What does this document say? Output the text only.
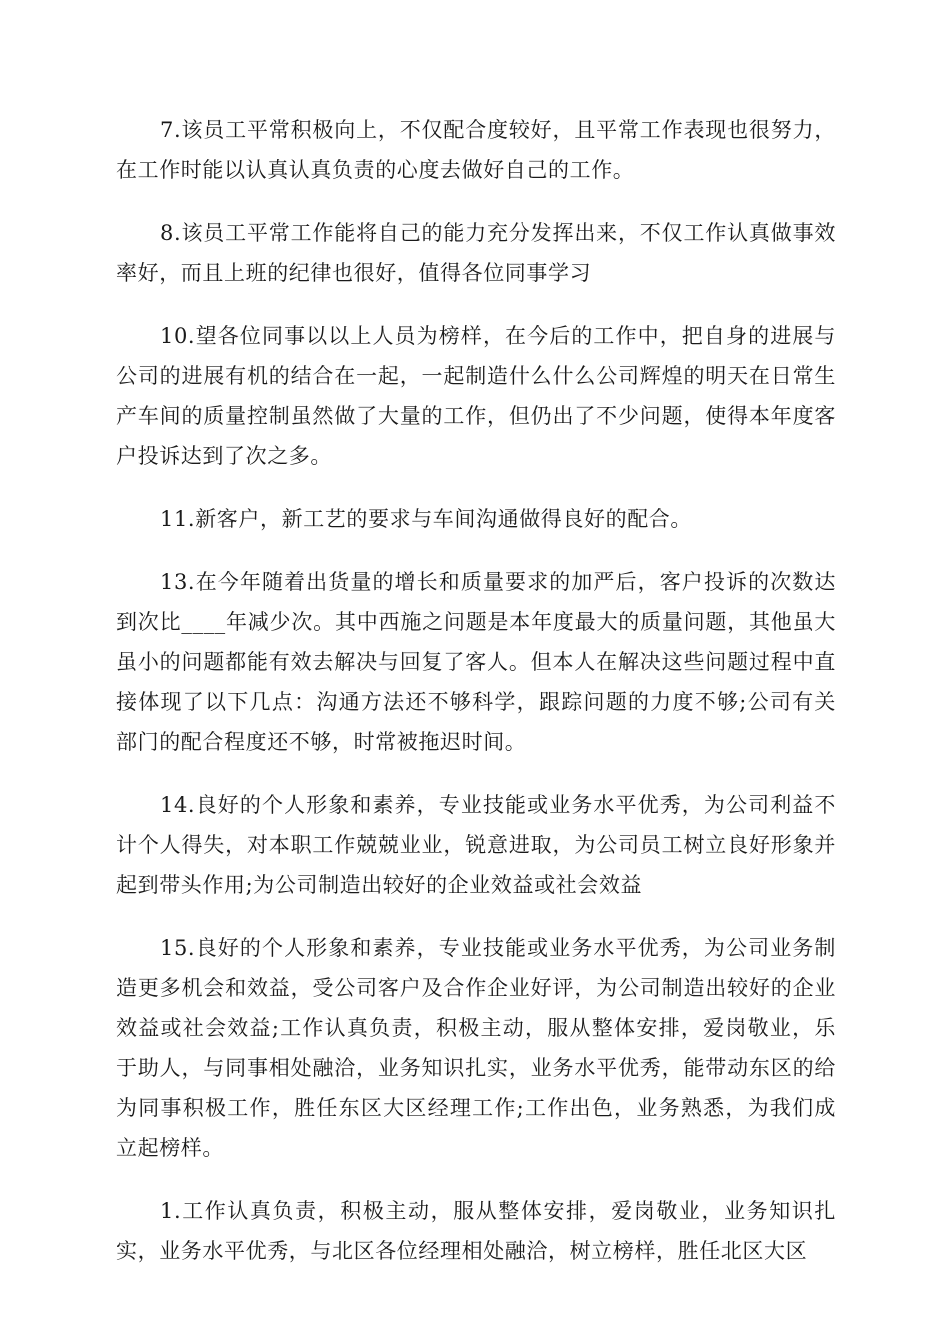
7.该员工平常积极向上，不仅配合度较好，且平常工作表现也很努力，在工作时能以认真认真负责的心度去做好自己的工作。

8.该员工平常工作能将自己的能力充分发挥出来，不仅工作认真做事效率好，而且上班的纪律也很好，值得各位同事学习

10.望各位同事以以上人员为榜样，在今后的工作中，把自身的进展与公司的进展有机的结合在一起，一起制造什么什么公司辉煌的明天在日常生产车间的质量控制虽然做了大量的工作，但仍出了不少问题，使得本年度客户投诉达到了次之多。

11.新客户，新工艺的要求与车间沟通做得良好的配合。

13.在今年随着出货量的增长和质量要求的加严后，客户投诉的次数达到次比____年减少次。其中西施之问题是本年度最大的质量问题，其他虽大虽小的问题都能有效去解决与回复了客人。但本人在解决这些问题过程中直接体现了以下几点：沟通方法还不够科学，跟踪问题的力度不够;公司有关部门的配合程度还不够，时常被拖迟时间。

14.良好的个人形象和素养，专业技能或业务水平优秀，为公司利益不计个人得失，对本职工作兢兢业业，锐意进取，为公司员工树立良好形象并起到带头作用;为公司制造出较好的企业效益或社会效益

15.良好的个人形象和素养，专业技能或业务水平优秀，为公司业务制造更多机会和效益，受公司客户及合作企业好评，为公司制造出较好的企业效益或社会效益;工作认真负责，积极主动，服从整体安排，爱岗敬业，乐于助人，与同事相处融洽，业务知识扎实，业务水平优秀，能带动东区的给为同事积极工作，胜任东区大区经理工作;工作出色，业务熟悉，为我们成立起榜样。

1.工作认真负责，积极主动，服从整体安排，爱岗敬业，业务知识扎实，业务水平优秀，与北区各位经理相处融洽，树立榜样，胜任北区大区
